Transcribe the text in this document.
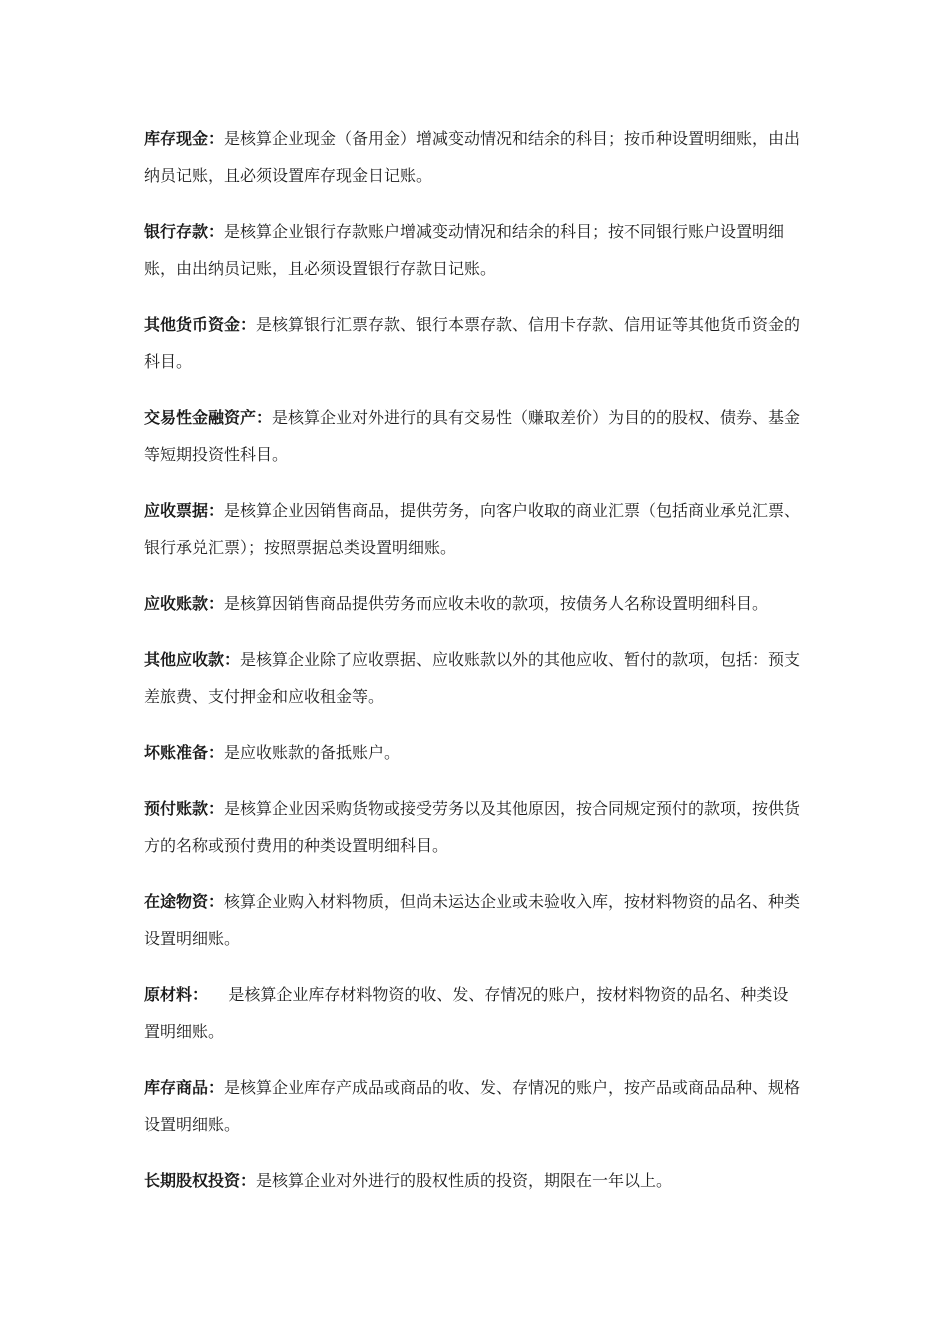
库存现金：是核算企业现金（备用金）增减变动情况和结余的科目；按币种设置明细账，由出纳员记账，且必须设置库存现金日记账。

银行存款：是核算企业银行存款账户增减变动情况和结余的科目；按不同银行账户设置明细账，由出纳员记账，且必须设置银行存款日记账。

其他货币资金：是核算银行汇票存款、银行本票存款、信用卡存款、信用证等其他货币资金的科目。

交易性金融资产：是核算企业对外进行的具有交易性（赚取差价）为目的的股权、债券、基金等短期投资性科目。

应收票据：是核算企业因销售商品，提供劳务，向客户收取的商业汇票（包括商业承兑汇票、银行承兑汇票）；按照票据总类设置明细账。

应收账款：是核算因销售商品提供劳务而应收未收的款项，按债务人名称设置明细科目。

其他应收款：是核算企业除了应收票据、应收账款以外的其他应收、暂付的款项，包括：预支差旅费、支付押金和应收租金等。

坏账准备：是应收账款的备抵账户。

预付账款：是核算企业因采购货物或接受劳务以及其他原因，按合同规定预付的款项，按供货方的名称或预付费用的种类设置明细科目。

在途物资：核算企业购入材料物质，但尚未运达企业或未验收入库，按材料物资的品名、种类设置明细账。

原材料：    是核算企业库存材料物资的收、发、存情况的账户，按材料物资的品名、种类设置明细账。

库存商品：是核算企业库存产成品或商品的收、发、存情况的账户，按产品或商品品种、规格设置明细账。

长期股权投资：是核算企业对外进行的股权性质的投资，期限在一年以上。
